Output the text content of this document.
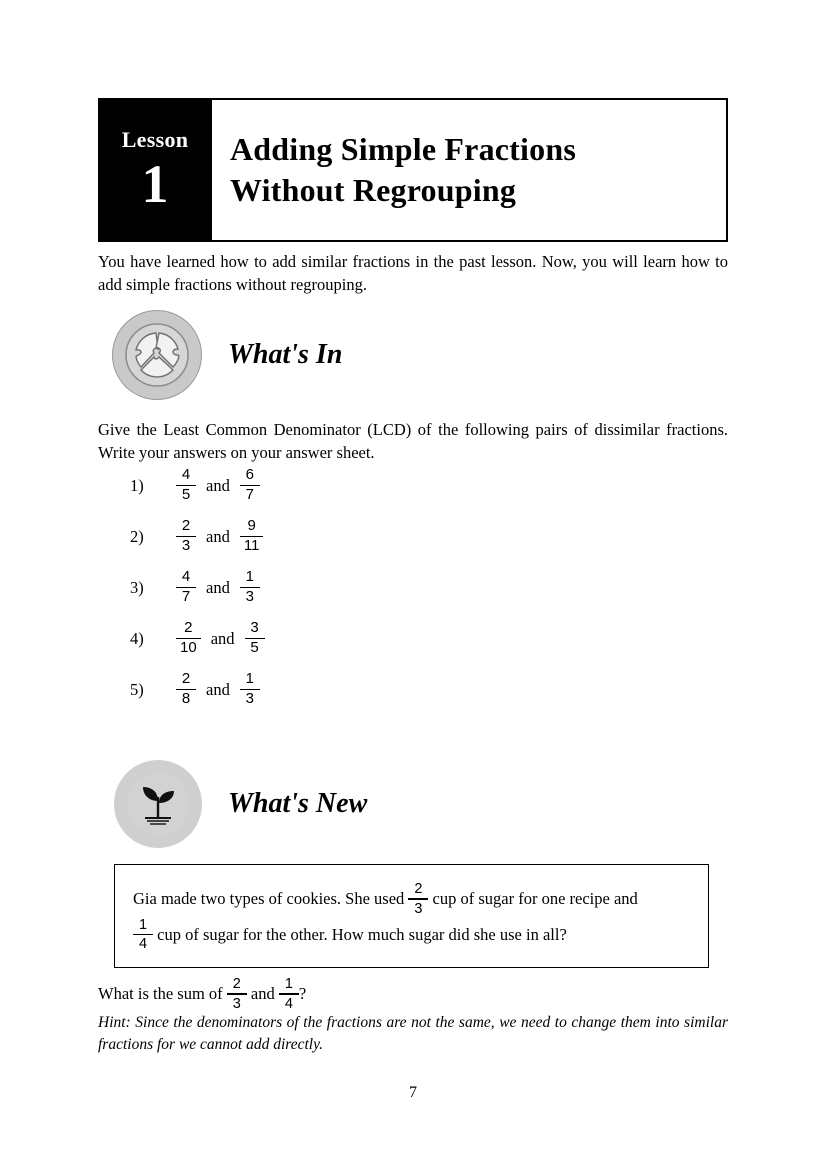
Lesson
1
Adding Simple Fractions
Without Regrouping
You have learned how to add similar fractions in the past lesson. Now, you will learn how to add simple fractions without regrouping.
What's In
Give the Least Common Denominator (LCD) of the following pairs of dissimilar fractions. Write your answers on your answer sheet.
1)	$\frac{4}{5}$ and $\frac{6}{7}$
2)	$\frac{2}{3}$ and $\frac{9}{11}$
3)	$\frac{4}{7}$ and $\frac{1}{3}$
4)	$\frac{2}{10}$ and $\frac{3}{5}$
5)	$\frac{2}{8}$ and $\frac{1}{3}$
What's New
Gia made two types of cookies. She used $\frac{2}{3}$ cup of sugar for one recipe and
$\frac{1}{4}$ cup of sugar for the other. How much sugar did she use in all?
What is the sum of $\frac{2}{3}$ and $\frac{1}{4}$ ?
Hint: Since the denominators of the fractions are not the same, we need to change them into similar fractions for we cannot add directly.
7
